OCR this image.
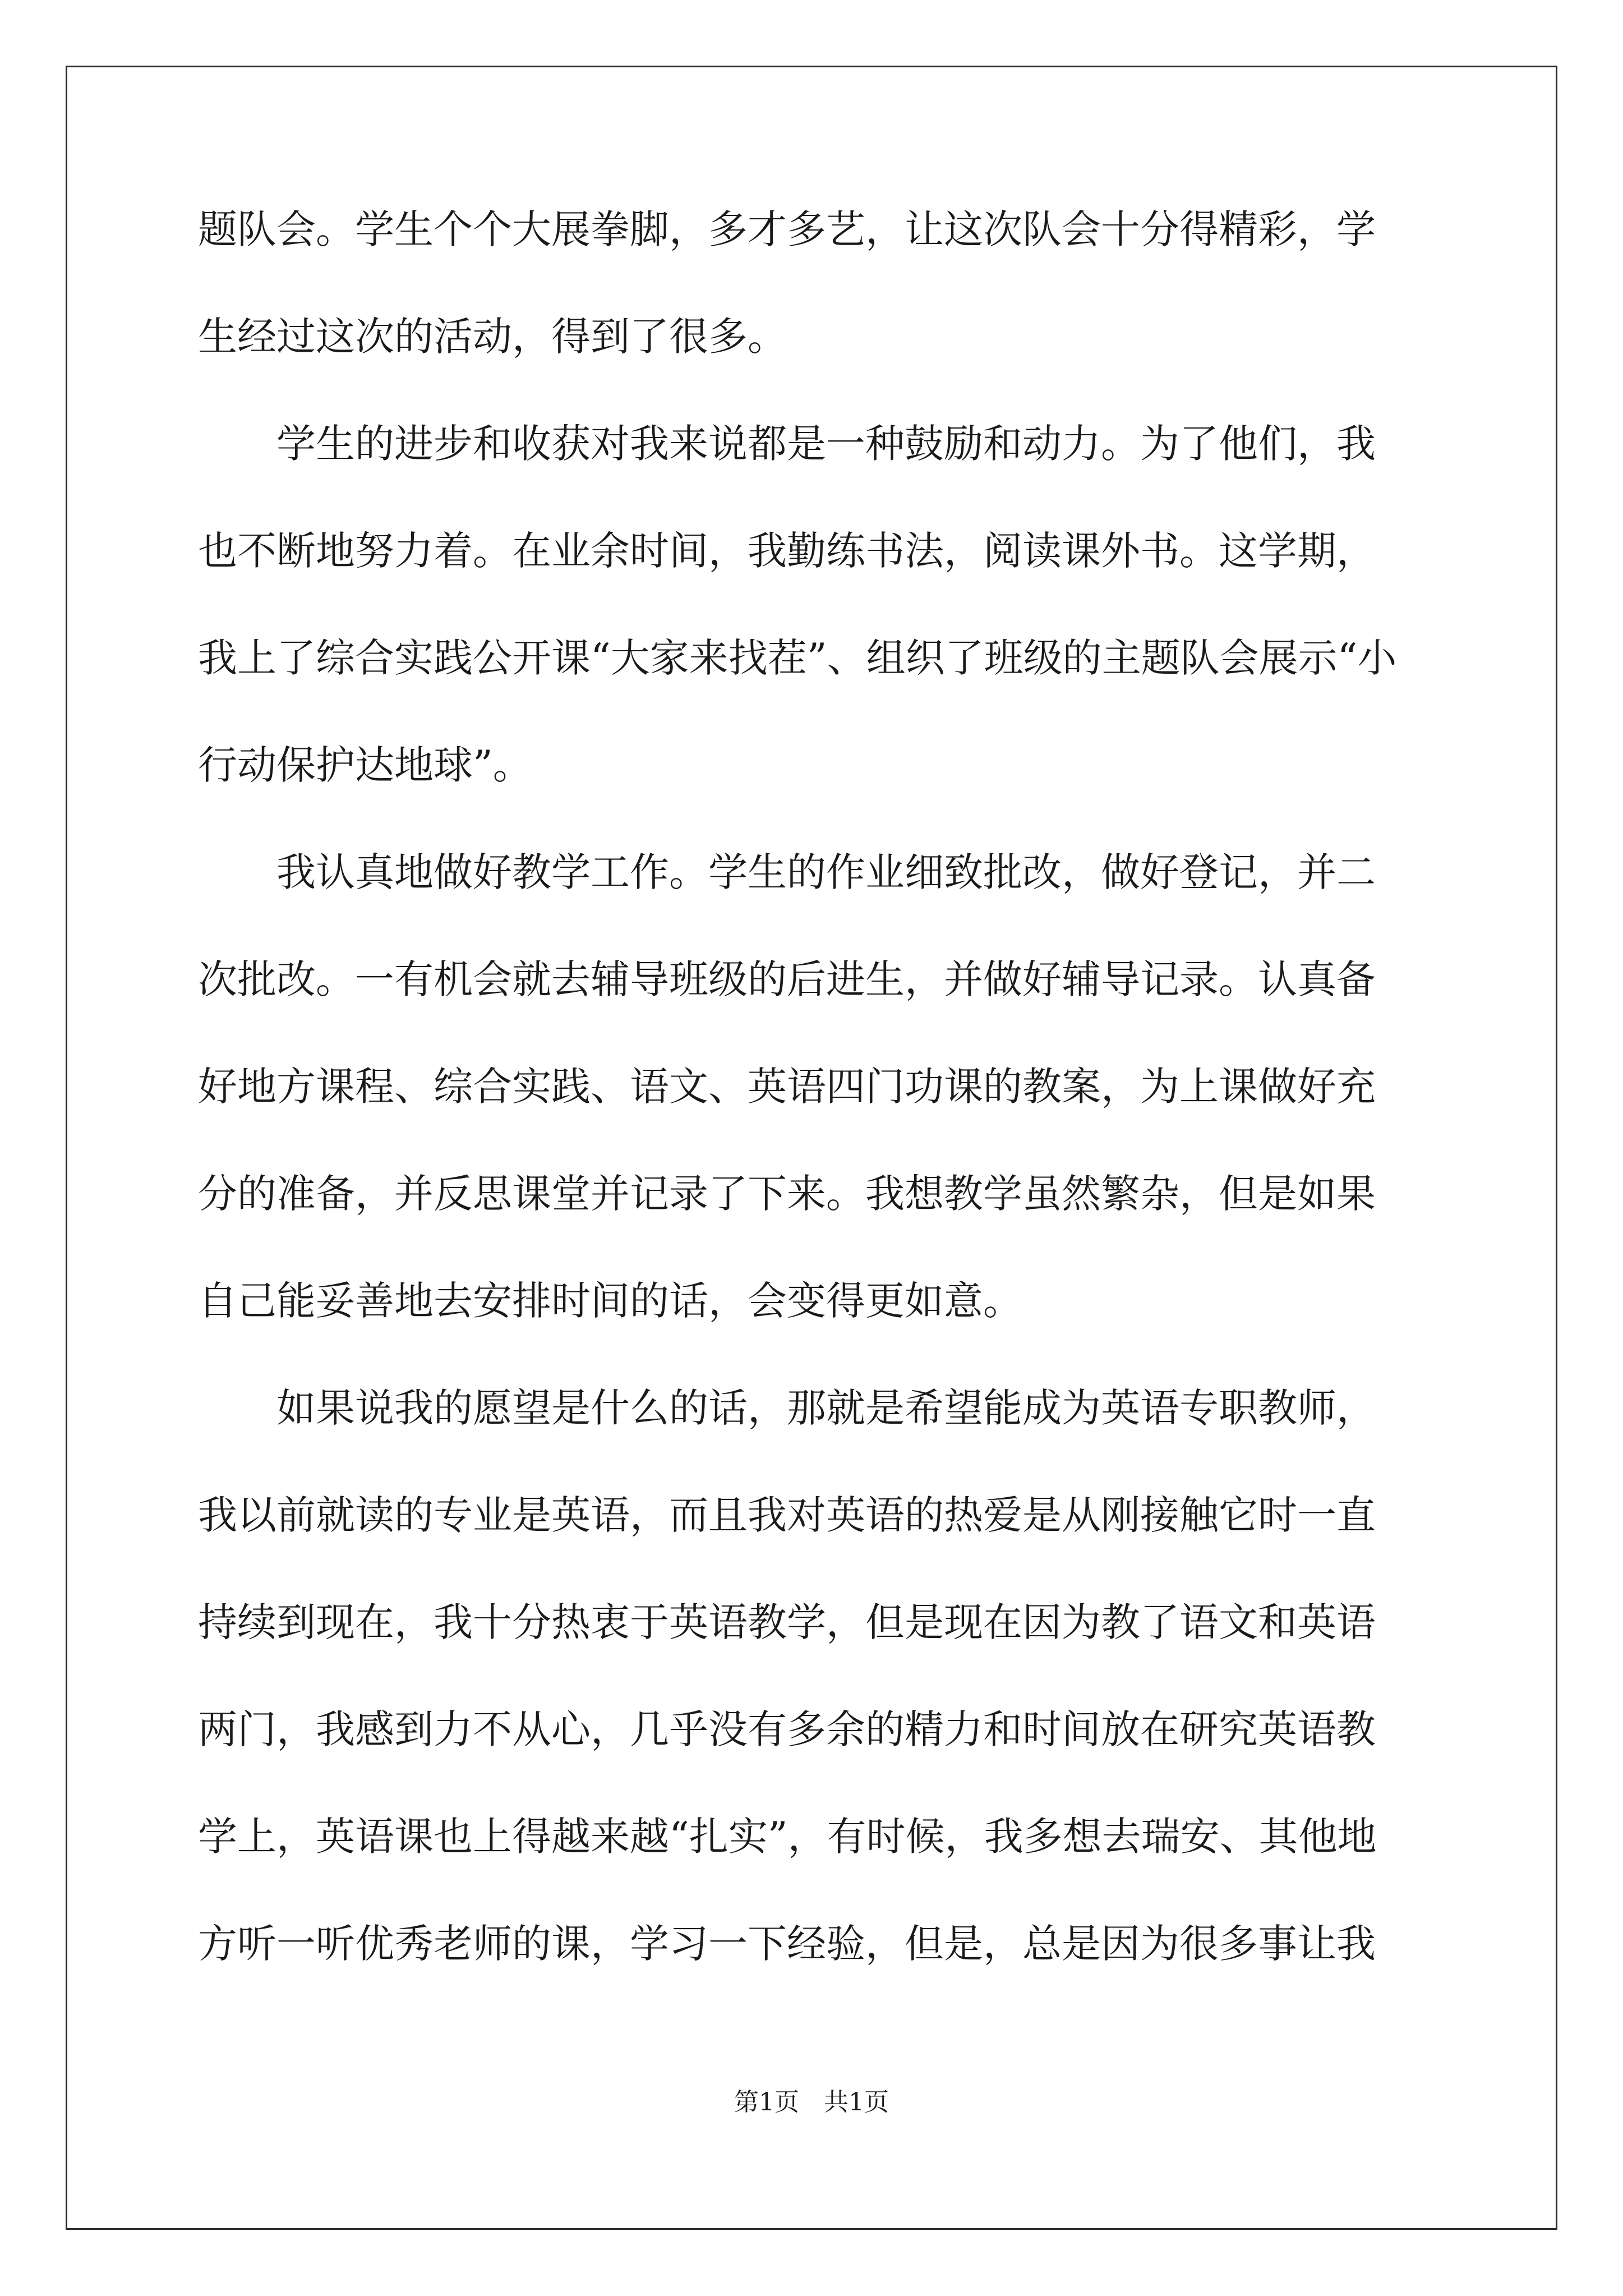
题队会。学生个个大展拳脚，多才多艺，让这次队会十分得精彩，学
生经过这次的活动，得到了很多。
　　学生的进步和收获对我来说都是一种鼓励和动力。为了他们，我
也不断地努力着。在业余时间，我勤练书法，阅读课外书。这学期，
我上了综合实践公开课“大家来找茬”、组织了班级的主题队会展示“小
行动保护达地球”。
　　我认真地做好教学工作。学生的作业细致批改，做好登记，并二
次批改。一有机会就去辅导班级的后进生，并做好辅导记录。认真备
好地方课程、综合实践、语文、英语四门功课的教案，为上课做好充
分的准备，并反思课堂并记录了下来。我想教学虽然繁杂，但是如果
自己能妥善地去安排时间的话，会变得更如意。
　　如果说我的愿望是什么的话，那就是希望能成为英语专职教师，
我以前就读的专业是英语，而且我对英语的热爱是从刚接触它时一直
持续到现在，我十分热衷于英语教学，但是现在因为教了语文和英语
两门，我感到力不从心，几乎没有多余的精力和时间放在研究英语教
学上，英语课也上得越来越“扎实”，有时候，我多想去瑞安、其他地
方听一听优秀老师的课，学习一下经验，但是，总是因为很多事让我
第1页　共1页
